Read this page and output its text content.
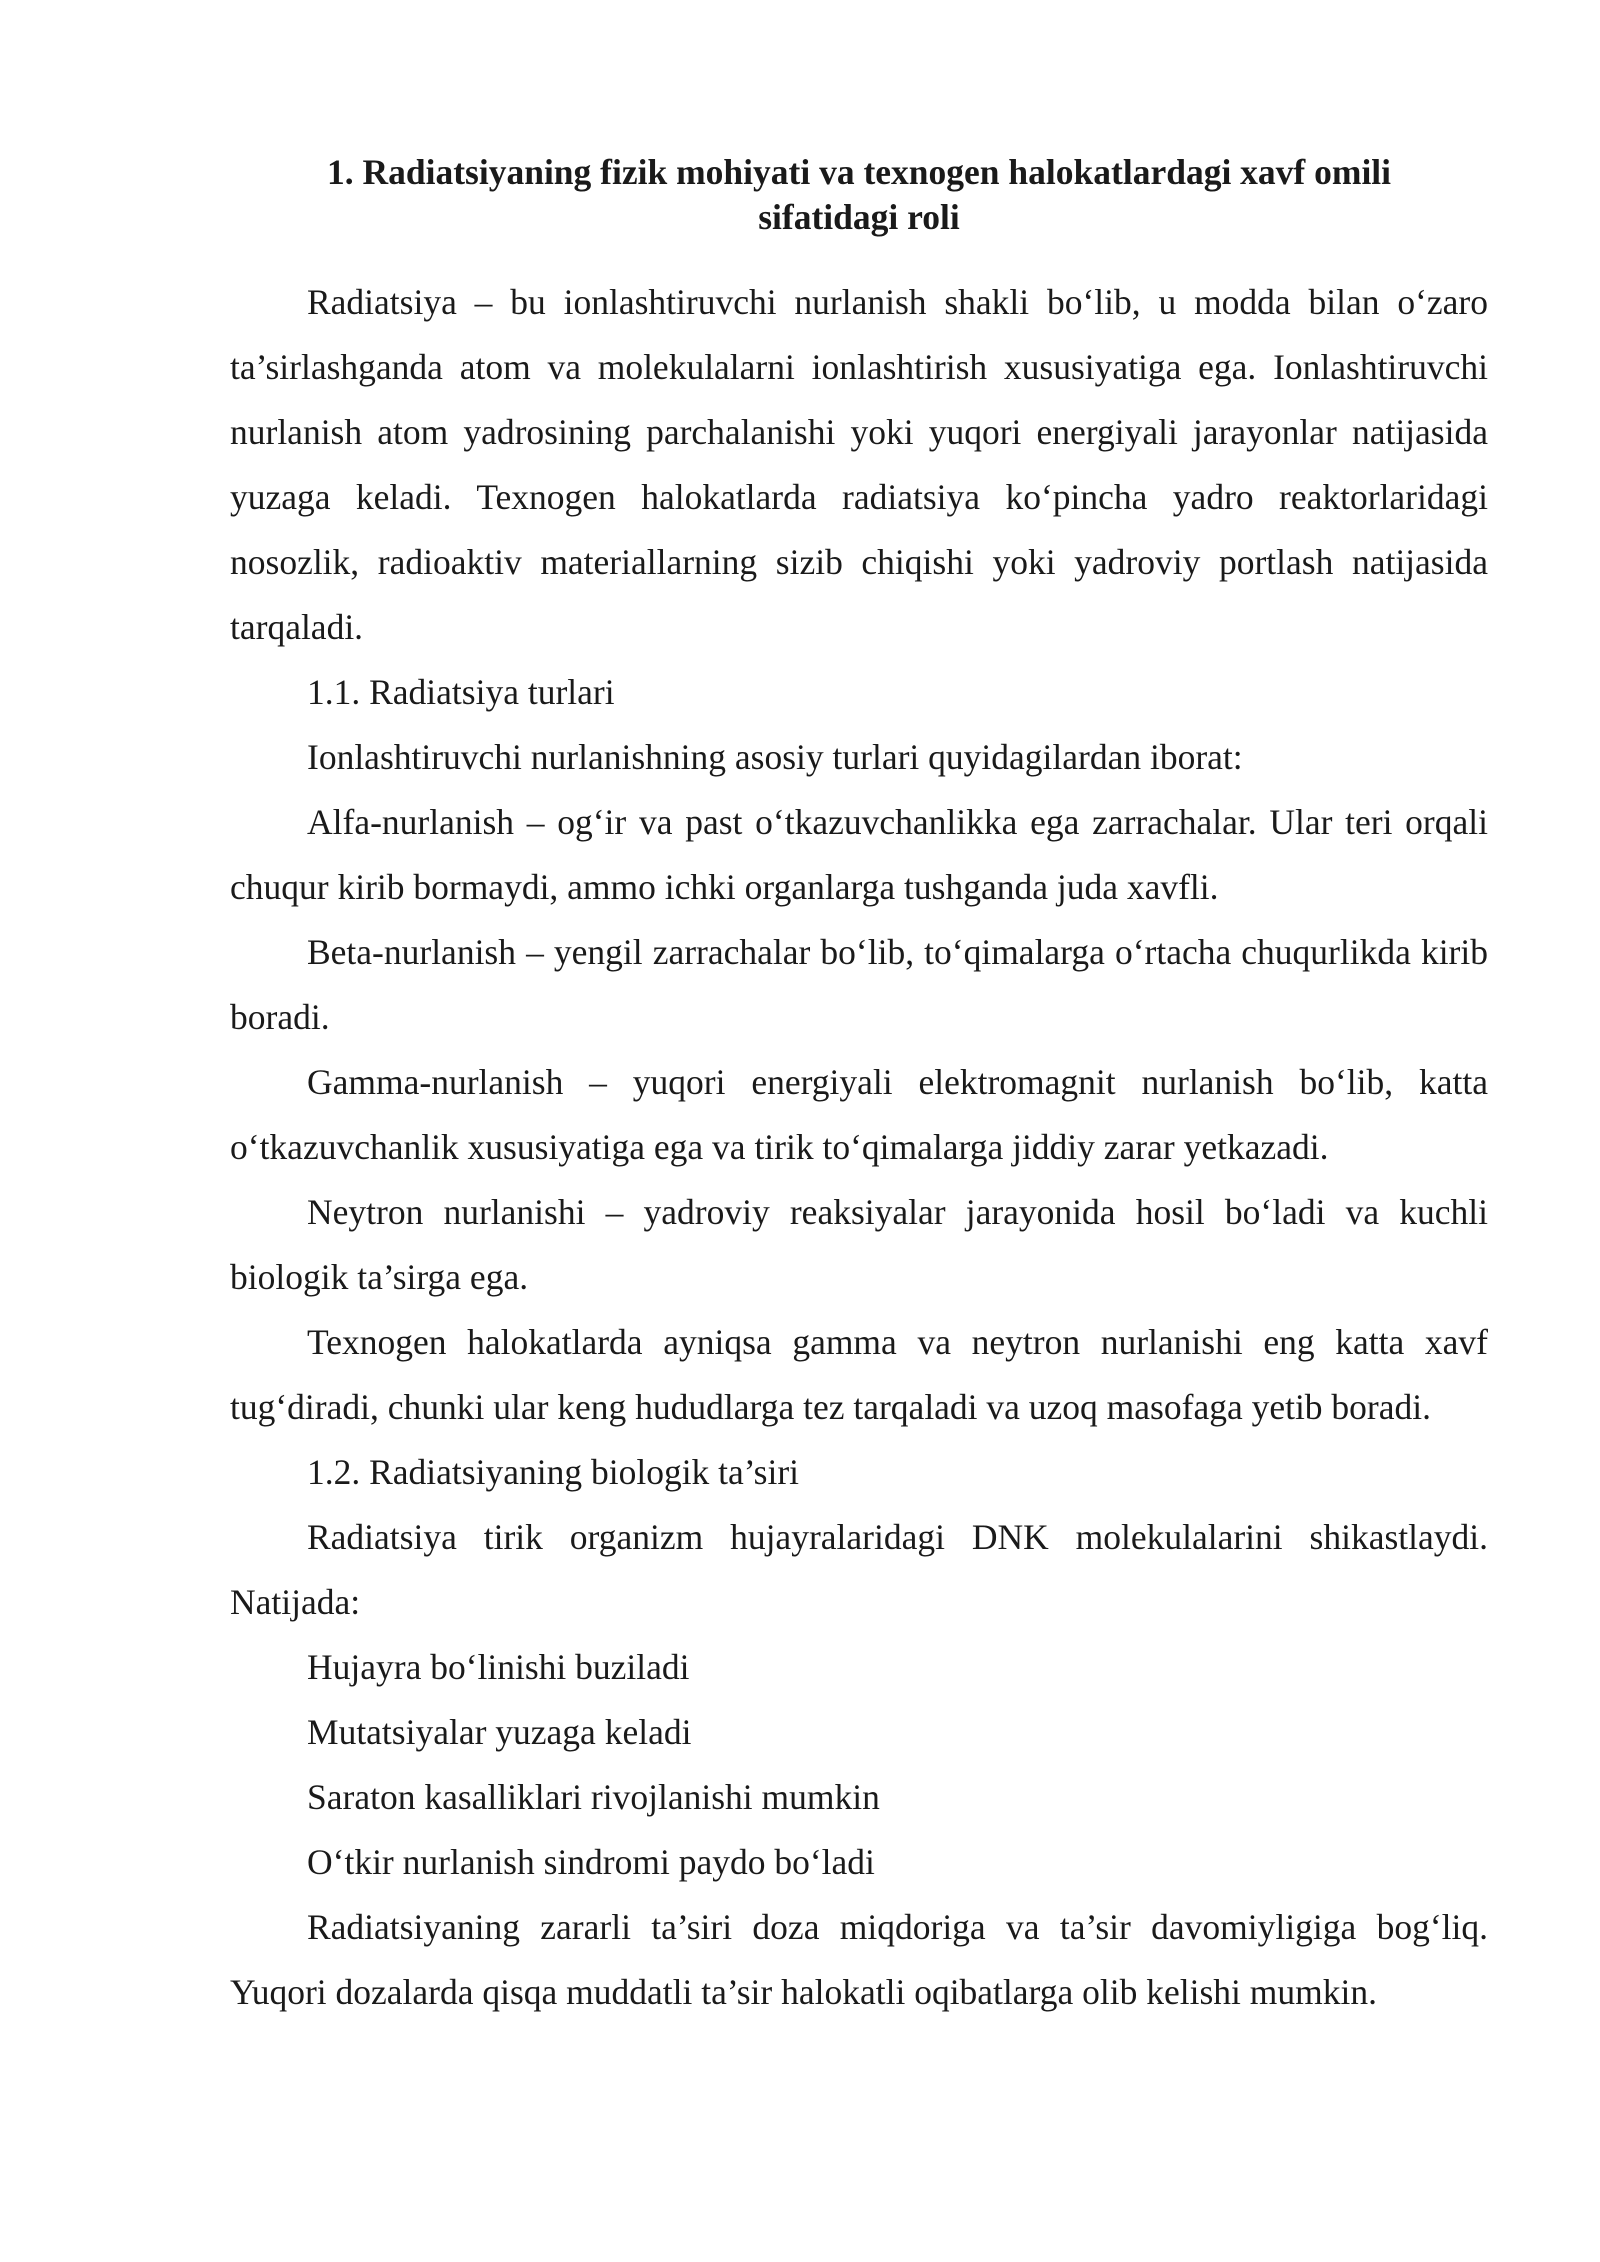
1. Radiatsiyaning fizik mohiyati va texnogen halokatlardagi xavf omili sifatidagi roli

Radiatsiya – bu ionlashtiruvchi nurlanish shakli bo‘lib, u modda bilan o‘zaro ta’sirlashganda atom va molekulalarni ionlashtirish xususiyatiga ega. Ionlashtiruvchi nurlanish atom yadrosining parchalanishi yoki yuqori energiyali jarayonlar natijasida yuzaga keladi. Texnogen halokatlarda radiatsiya ko‘pincha yadro reaktorlaridagi nosozlik, radioaktiv materiallarning sizib chiqishi yoki yadroviy portlash natijasida tarqaladi.

1.1. Radiatsiya turlari

Ionlashtiruvchi nurlanishning asosiy turlari quyidagilardan iborat:

Alfa-nurlanish – og‘ir va past o‘tkazuvchanlikka ega zarrachalar. Ular teri orqali chuqur kirib bormaydi, ammo ichki organlarga tushganda juda xavfli.

Beta-nurlanish – yengil zarrachalar bo‘lib, to‘qimalarga o‘rtacha chuqurlikda kirib boradi.

Gamma-nurlanish – yuqori energiyali elektromagnit nurlanish bo‘lib, katta o‘tkazuvchanlik xususiyatiga ega va tirik to‘qimalarga jiddiy zarar yetkazadi.

Neytron nurlanishi – yadroviy reaksiyalar jarayonida hosil bo‘ladi va kuchli biologik ta’sirga ega.

Texnogen halokatlarda ayniqsa gamma va neytron nurlanishi eng katta xavf tug‘diradi, chunki ular keng hududlarga tez tarqaladi va uzoq masofaga yetib boradi.

1.2. Radiatsiyaning biologik ta’siri

Radiatsiya tirik organizm hujayralaridagi DNK molekulalarini shikastlaydi. Natijada:

Hujayra bo‘linishi buziladi

Mutatsiyalar yuzaga keladi

Saraton kasalliklari rivojlanishi mumkin

O‘tkir nurlanish sindromi paydo bo‘ladi

Radiatsiyaning zararli ta’siri doza miqdoriga va ta’sir davomiyligiga bog‘liq. Yuqori dozalarda qisqa muddatli ta’sir halokatli oqibatlarga olib kelishi mumkin.
